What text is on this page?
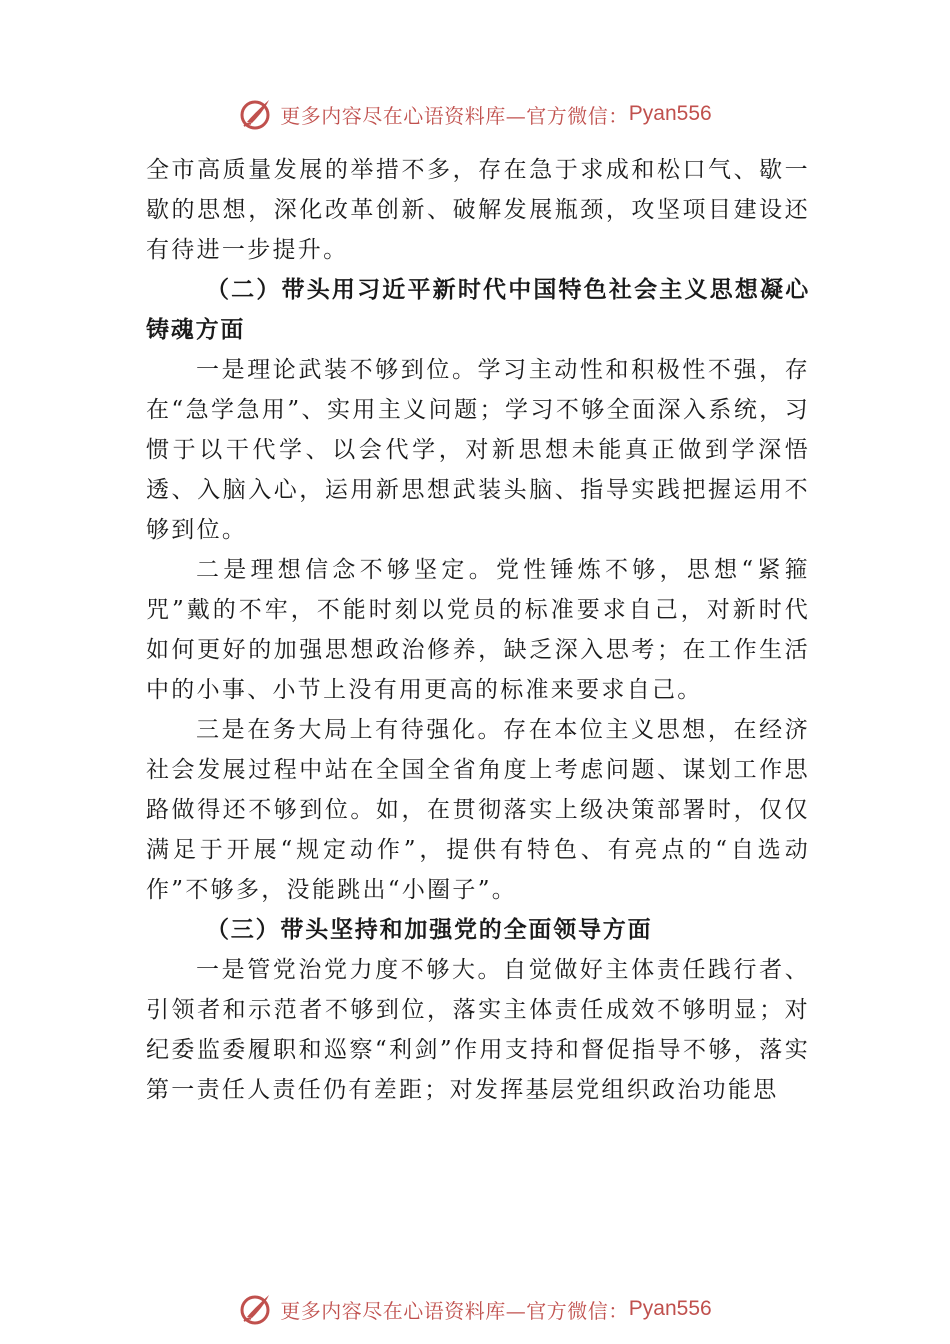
更多内容尽在心语资料库—官方微信： Pyan556

全市高质量发展的举措不多，存在急于求成和松口气、歇一歇的思想，深化改革创新、破解发展瓶颈，攻坚项目建设还有待进一步提升。

（二）带头用习近平新时代中国特色社会主义思想凝心铸魂方面

一是理论武装不够到位。学习主动性和积极性不强，存在“急学急用”、实用主义问题；学习不够全面深入系统，习惯于以干代学、以会代学，对新思想未能真正做到学深悟透、入脑入心，运用新思想武装头脑、指导实践把握运用不够到位。

二是理想信念不够坚定。党性锤炼不够，思想“紧箍咒”戴的不牢，不能时刻以党员的标准要求自己，对新时代如何更好的加强思想政治修养，缺乏深入思考；在工作生活中的小事、小节上没有用更高的标准来要求自己。

三是在务大局上有待强化。存在本位主义思想，在经济社会发展过程中站在全国全省角度上考虑问题、谋划工作思路做得还不够到位。如，在贯彻落实上级决策部署时，仅仅满足于开展“规定动作”，提供有特色、有亮点的“自选动作”不够多，没能跳出“小圈子”。

（三）带头坚持和加强党的全面领导方面

一是管党治党力度不够大。自觉做好主体责任践行者、引领者和示范者不够到位，落实主体责任成效不够明显；对纪委监委履职和巡察“利剑”作用支持和督促指导不够，落实第一责任人责任仍有差距；对发挥基层党组织政治功能思

更多内容尽在心语资料库—官方微信： Pyan556
